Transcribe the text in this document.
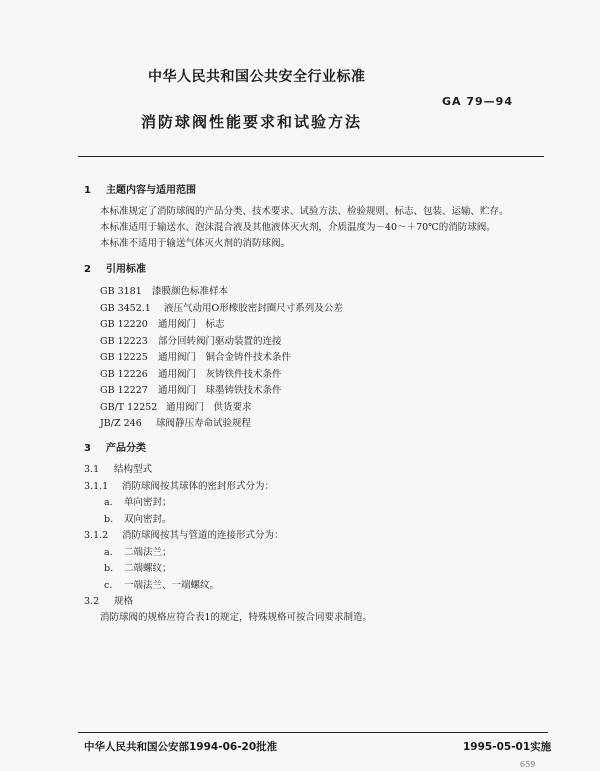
中华人民共和国公共安全行业标准
GA 79—94
消防球阀性能要求和试验方法
1 主题内容与适用范围
本标准规定了消防球阀的产品分类、技术要求、试验方法、检验规则、标志、包装、运输、贮存。
本标准适用于输送水、泡沫混合液及其他液体灭火剂，介质温度为－40～＋70℃的消防球阀。
本标准不适用于输送气体灭火剂的消防球阀。
2 引用标准
GB 3181 漆膜颜色标准样本
GB 3452.1 液压气动用O形橡胶密封圈尺寸系列及公差
GB 12220 通用阀门　标志
GB 12223 部分回转阀门驱动装置的连接
GB 12225 通用阀门　铜合金铸件技术条件
GB 12226 通用阀门　灰铸铁件技术条件
GB 12227 通用阀门　球墨铸铁技术条件
GB/T 12252 通用阀门　供货要求
JB/Z 246 球阀静压寿命试验规程
3 产品分类
3.1 结构型式
3.1.1 消防球阀按其球体的密封形式分为：
a. 单向密封；
b. 双向密封。
3.1.2 消防球阀按其与管道的连接形式分为：
a. 二端法兰；
b. 二端螺纹；
c. 一端法兰、一端螺纹。
3.2 规格
消防球阀的规格应符合表1的规定，特殊规格可按合同要求制造。
中华人民共和国公安部1994-06-20批准	1995-05-01实施
659
